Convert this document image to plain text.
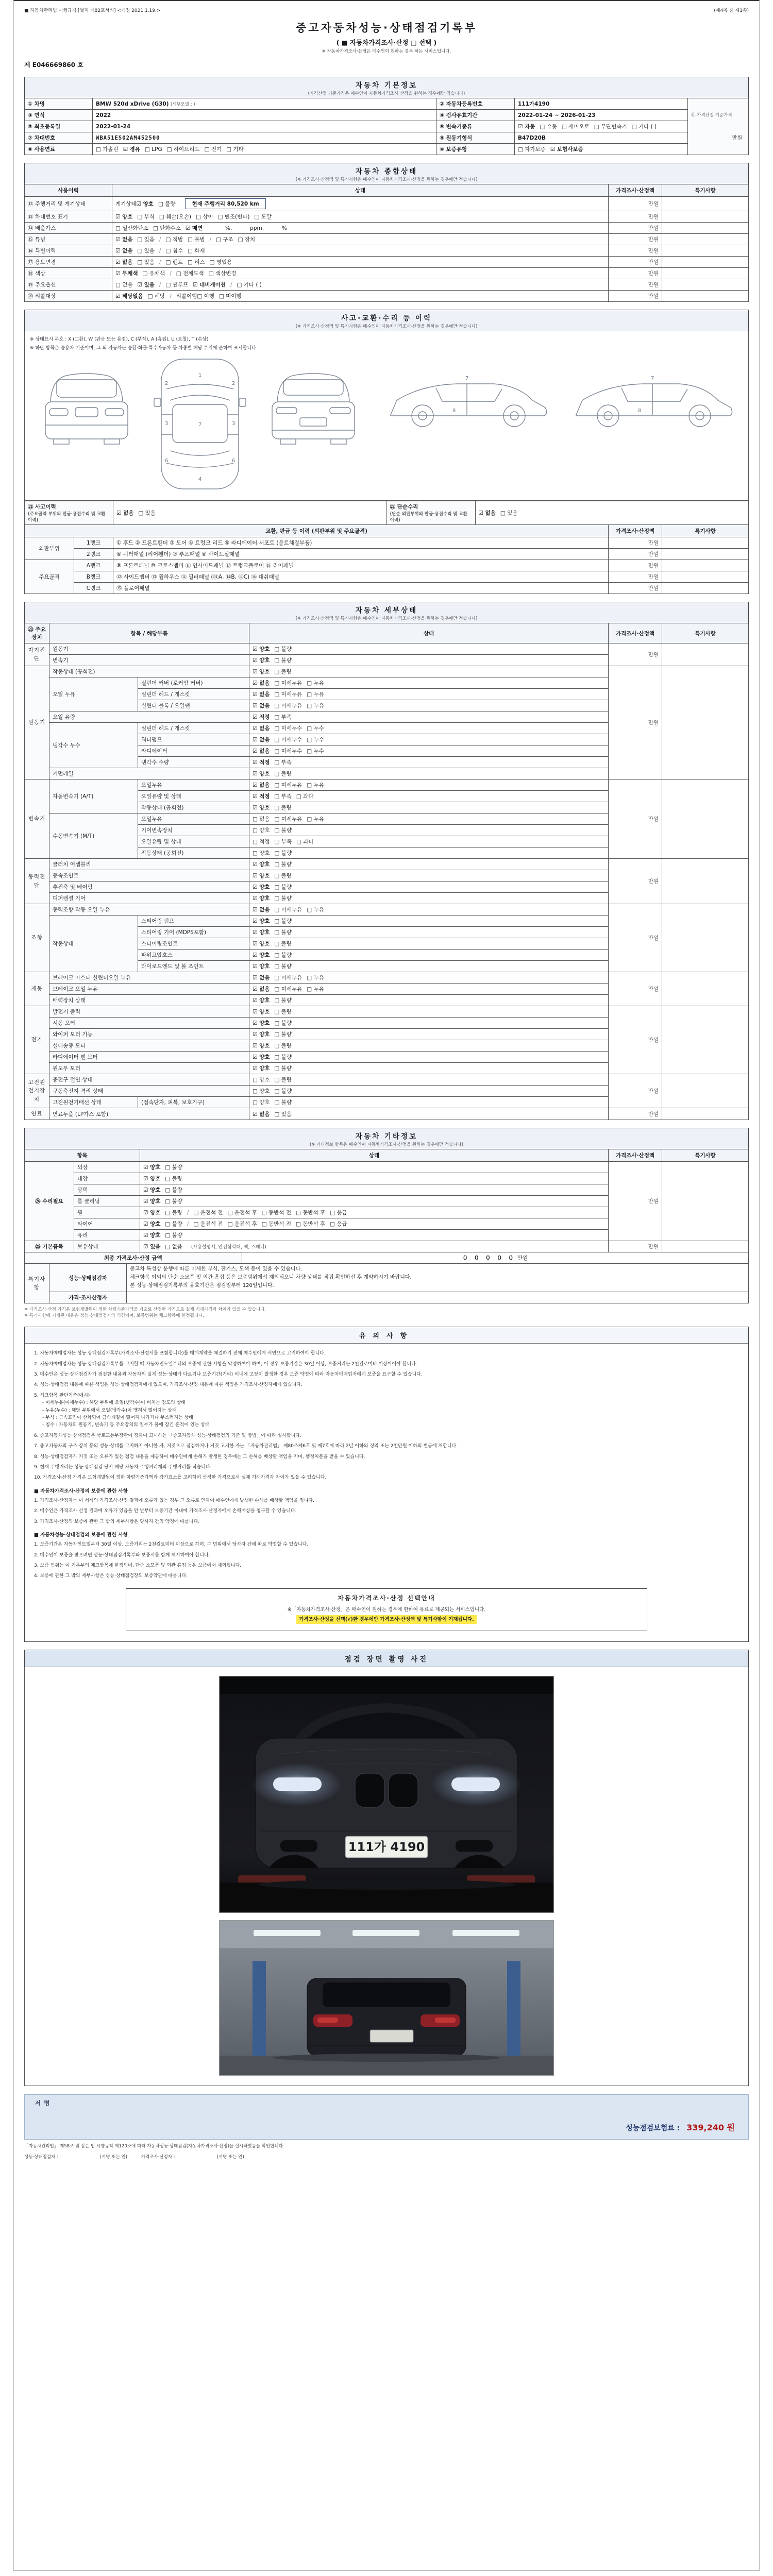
■ 자동차관리법 시행규칙 [별지 제82호서식] <개정 2021.1.19.>	(제4쪽 중 제1쪽)
중고자동차성능·상태점검기록부
( ■ 자동차가격조사·산정 □ 선택 )
※ 자동차가격조사·산정은 매수인이 원하는 경우 하는 서비스입니다.
제 E046669860 호
자동차 기본정보
(가격산정 기준가격은 매수인이 자동차가격조사·산정을 원하는 경우에만 적습니다)
① 차명	BMW 520d xDrive (G30) (세부모델 : )	② 자동차등록번호	111가4190	⑪ 가격산정 기준가격
만원

③ 연식	2022	④ 검사유효기간	2022-01-24 ~ 2026-01-23	
⑤ 최초등록일	2022-01-24	⑥ 변속기종류	☑ 자동 □ 수동 □ 세미오토 □ 무단변속기 □ 기타 ( )	
⑦ 차대번호	WBA51ES02AM452500	⑨ 원동기형식	B47D20B	
⑧ 사용연료	□ 가솔린 ☑ 경유 □ LPG □ 하이브리드 □ 전기 □ 기타	⑩ 보증유형	□ 자가보증 ☑ 보험사보증	
자동차 종합상태
(※ 가격조사·산정액 및 특기사항은 매수인이 자동차가격조사·산정을 원하는 경우에만 적습니다)
사용이력	상태	가격조사·산정액	특기사항
⑫ 주행거리 및 계기상태	계기상태☑ 양호 □ 불량 현재 주행거리 80,520 km	만원	
⑬ 차대번호 표기	☑ 양호 □ 부식 □ 훼손(오손) □ 상이 □ 변조(변타) □ 도말	만원	
⑭ 배출가스	□ 일산화탄소 □ 탄화수소 ☑ 매연　　　 %,　　　 ppm,　　　 %	만원	
⑮ 튜닝	☑ 없음 □ 있음 / □ 적법 □ 불법 / □ 구조 □ 장치	만원	
⑯ 특별이력	☑ 없음 □ 있음 / □ 침수 □ 화재	만원	
⑰ 용도변경	☑ 없음 □ 있음 / □ 렌트 □ 리스 □ 영업용	만원	
⑱ 색상	☑ 무채색 □ 유채색 / □ 전체도색 □ 색상변경	만원	
⑲ 주요옵션	□ 없음 ☑ 있음 / □ 썬루프 ☑ 네비게이션 / □ 기타 ( )	만원	
⑳ 리콜대상	☑ 해당없음 □ 해당 / 리콜이행□ 이행 □ 미이행	만원	
사고·교환·수리 등 이력
(※ 가격조사·산정액 및 특기사항은 매수인이 자동차가격조사·산정을 원하는 경우에만 적습니다)
※ 상태표시 부호 : X (교환), W (판금 또는 용접), C (부식), A (흠집), U (요철), T (손상)
※ 하단 항목은 승용차 기준이며, 그 외 자동차는 승합·화물·특수자동차 등 차종별 해당 부위에 준하여 표시합니다.
1
7
4
2	2
3	3
6	6
7	7
8	8
㉑ 사고이력
(주요골격 부위의 판금·용접수리 및 교환 이력)
	☑ 없음 □ 있음	㉒ 단순수리
(단순 외판부위의 판금·용접수리 및 교환 이력)
	☑ 없음 □ 있음
교환, 판금 등 이력 (외판부위 및 주요골격)			가격조사·산정액	특기사항
외판부위	1랭크	① 후드 ② 프론트휀더 ③ 도어 ④ 트렁크 리드 ⑤ 라디에이터 서포트 (볼트체결부품)	만원	
	2랭크	⑥ 쿼터패널 (리어휀더) ⑦ 루프패널 ⑧ 사이드실패널	만원	
주요골격	A랭크	⑨ 프론트패널 ⑩ 크로스멤버 ⑪ 인사이드패널 ⑰ 트렁크플로어 ⑱ 리어패널	만원	
	B랭크	⑫ 사이드멤버 ⑬ 휠하우스 ⑭ 필러패널 (⑭A, ⑭B, ⑭C) ⑯ 대쉬패널	만원	
	C랭크	⑮ 플로어패널	만원	
자동차 세부상태
(※ 가격조사·산정액 및 특기사항은 매수인이 자동차가격조사·산정을 원하는 경우에만 적습니다)
㉓ 주요장치	항목 / 해당부품		상태	가격조사·산정액	특기사항
자기진단	원동기		☑ 양호 □ 불량	만원	
	변속기		☑ 양호 □ 불량		
원동기	작동상태 (공회전)		☑ 양호 □ 불량	만원	
	오일 누유	실린더 커버 (로커암 커버)	☑ 없음 □ 미세누유 □ 누유		
		실린더 헤드 / 개스킷	☑ 없음 □ 미세누유 □ 누유		
		실린더 블록 / 오일팬	☑ 없음 □ 미세누유 □ 누유		
	오일 유량		☑ 적정 □ 부족		
	냉각수 누수	실린더 헤드 / 개스킷	☑ 없음 □ 미세누수 □ 누수		
		워터펌프	☑ 없음 □ 미세누수 □ 누수		
		라디에이터	☑ 없음 □ 미세누수 □ 누수		
		냉각수 수량	☑ 적정 □ 부족		
	커먼레일		☑ 양호 □ 불량		
변속기	자동변속기 (A/T)	오일누유	☑ 없음 □ 미세누유 □ 누유	만원	
		오일유량 및 상태	☑ 적정 □ 부족 □ 과다		
		작동상태 (공회전)	☑ 양호 □ 불량		
	수동변속기 (M/T)	오일누유	□ 없음 □ 미세누유 □ 누유		
		기어변속장치	□ 양호 □ 불량		
		오일유량 및 상태	□ 적정 □ 부족 □ 과다		
		작동상태 (공회전)	□ 양호 □ 불량		
동력전달	클러치 어셈블리		☑ 양호 □ 불량	만원	
	등속조인트		☑ 양호 □ 불량		
	추진축 및 베어링		☑ 양호 □ 불량		
	디퍼렌셜 기어		☑ 양호 □ 불량		
조향	동력조향 작동 오일 누유		☑ 없음 □ 미세누유 □ 누유	만원	
	작동상태	스티어링 펌프	☑ 양호 □ 불량		
		스티어링 기어 (MDPS포함)	☑ 양호 □ 불량		
		스티어링조인트	☑ 양호 □ 불량		
		파워고압호스	☑ 양호 □ 불량		
		타이로드엔드 및 볼 조인트	☑ 양호 □ 불량		
제동	브레이크 마스터 실린더오일 누유		☑ 없음 □ 미세누유 □ 누유	만원	
	브레이크 오일 누유		☑ 없음 □ 미세누유 □ 누유		
	배력장치 상태		☑ 양호 □ 불량		
전기	발전기 출력		☑ 양호 □ 불량	만원	
	시동 모터		☑ 양호 □ 불량		
	와이퍼 모터 기능		☑ 양호 □ 불량		
	실내송풍 모터		☑ 양호 □ 불량		
	라디에이터 팬 모터		☑ 양호 □ 불량		
	윈도우 모터		☑ 양호 □ 불량		
고전원전기장치	충전구 절연 상태		□ 양호 □ 불량	만원	
	구동축전지 격리 상태		□ 양호 □ 불량		
	고전원전기배선 상태	(접속단자, 피복, 보호기구)	□ 양호 □ 불량		
연료	연료누출 (LP가스 포함)		☑ 없음 □ 있음	만원	
자동차 기타정보
(※ 기타정보 항목은 매수인이 자동차가격조사·산정을 원하는 경우에만 적습니다)
항목		상태	가격조사·산정액	특기사항
㉔ 수리필요	외장	☑ 양호 □ 불량	만원	
	내장	☑ 양호 □ 불량		
	광택	☑ 양호 □ 불량		
	룸 클리닝	☑ 양호 □ 불량		
	휠	☑ 양호 □ 불량 / □ 운전석 전 □ 운전석 후 □ 동반석 전 □ 동반석 후 □ 응급		
	타이어	☑ 양호 □ 불량 / □ 운전석 전 □ 운전석 후 □ 동반석 전 □ 동반석 후 □ 응급		
	유리	☑ 양호 □ 불량		
㉕ 기본품목	보유상태	☑ 있음 □ 없음 (사용설명서, 안전삼각대, 잭, 스패너)	만원	
최종 가격조사·산정 금액	０ ０ ０ ０ ０ 만원
특기사항	성능·상태점검자	중고차 특성상 운행에 따른 미세한 부식, 잔기스, 도색 등이 있을 수 있습니다.
체크항목 이외의 단순 소모품 및 외관 흠집 등은 보증범위에서 제외되오니 차량 상태를 직접 확인하신 후 계약하시기 바랍니다.
본 성능·상태점검기록부의 유효기간은 점검일부터 120일입니다.

	가격·조사산정자	
※ 가격조사·산정 가격은 보험개발원이 정한 차량기준가액을 기초로 산정한 가격으로 실제 거래가격과 차이가 있을 수 있습니다.
※ 특기사항에 기재된 내용은 성능·상태점검자의 의견이며, 보증범위는 체크항목에 한정됩니다.
유의사항
1. 자동차매매업자는 성능·상태점검기록부(가격조사·산정서를 포함합니다)를 매매계약을 체결하기 전에 매수인에게 서면으로 고지하여야 합니다.
2. 자동차매매업자는 성능·상태점검기록부를 고지할 때 자동차인도일부터의 보증에 관한 사항을 약정하여야 하며, 이 경우 보증기간은 30일 이상, 보증거리는 2천킬로미터 이상이어야 합니다.
3. 매수인은 성능·상태점검자가 점검한 내용과 자동차의 실제 성능·상태가 다르거나 보증기간(거리) 이내에 고장이 발생한 경우 보증 약정에 따라 자동차매매업자에게 보증을 요구할 수 있습니다.
4. 성능·상태점검 내용에 따른 책임은 성능·상태점검자에게 있으며, 가격조사·산정 내용에 따른 책임은 가격조사·산정자에게 있습니다.
5. 체크항목 판단기준(예시)
- 미세누유(미세누수) : 해당 부위에 오일(냉각수)이 비치는 정도의 상태
- 누유(누수) : 해당 부위에서 오일(냉각수)이 맺혀서 떨어지는 상태
- 부식 : 금속표면이 산화되어 금속재질이 떨어져 나가거나 부스러지는 상태
- 침수 : 자동차의 원동기, 변속기 등 주요장치의 일부가 물에 잠긴 흔적이 있는 상태
6. 중고자동차성능·상태점검은 국토교통부장관이 정하여 고시하는 「중고자동차 성능·상태점검의 기준 및 방법」에 따라 실시합니다.
7. 중고자동차의 구조·장치 등의 성능·상태를 고지하지 아니한 자, 거짓으로 점검하거나 거짓 고지한 자는 「자동차관리법」 제80조제6호 및 제7호에 따라 2년 이하의 징역 또는 2천만원 이하의 벌금에 처합니다.
8. 성능·상태점검자가 거짓 또는 오류가 있는 점검 내용을 제공하여 매수인에게 손해가 발생한 경우에는 그 손해를 배상할 책임을 지며, 행정처분을 받을 수 있습니다.
9. 현재 주행거리는 성능·상태점검 당시 해당 자동차 주행거리계의 주행거리를 적습니다.
10. 가격조사·산정 가격은 보험개발원이 정한 차량기준가액과 감가요소를 고려하여 산정한 가격으로서 실제 거래가격과 차이가 있을 수 있습니다.
■ 자동차가격조사·산정의 보증에 관한 사항
1. 가격조사·산정자는 이 서식의 가격조사·산정 결과에 오류가 있는 경우 그 오류로 인하여 매수인에게 발생한 손해를 배상할 책임을 집니다.
2. 매수인은 가격조사·산정 결과에 오류가 있음을 안 날부터 보증기간 이내에 가격조사·산정자에게 손해배상을 청구할 수 있습니다.
3. 가격조사·산정의 보증에 관한 그 밖의 세부사항은 당사자 간의 약정에 따릅니다.
■ 자동차성능·상태점검의 보증에 관한 사항
1. 보증기간은 자동차인도일부터 30일 이상, 보증거리는 2천킬로미터 이상으로 하며, 그 범위에서 당사자 간에 따로 약정할 수 있습니다.
2. 매수인이 보증을 받으려면 성능·상태점검기록부와 보증서를 함께 제시하여야 합니다.
3. 보증 범위는 이 기록부의 체크항목에 한정되며, 단순 소모품 및 외관 흠집 등은 보증에서 제외됩니다.
4. 보증에 관한 그 밖의 세부사항은 성능·상태점검장의 보증약관에 따릅니다.
자동차가격조사·산정 선택안내
※「자동차가격조사·산정」은 매수인이 원하는 경우에 한하여 유료로 제공되는 서비스입니다.
가격조사·산정을 선택(√)한 경우에만 가격조사·산정액 및 특기사항이 기재됩니다.
점검 장면 촬영 사진
111가 4190
서명
성능점검보험료 : 339,240 원
「자동차관리법」 제58조 및 같은 법 시행규칙 제120조에 따라 자동차성능·상태점검(자동차가격조사·산정)을 실시하였음을 확인합니다.
성능·상태점검자 :                              (서명 또는 인)          가격조사·산정자 :                              (서명 또는 인)
